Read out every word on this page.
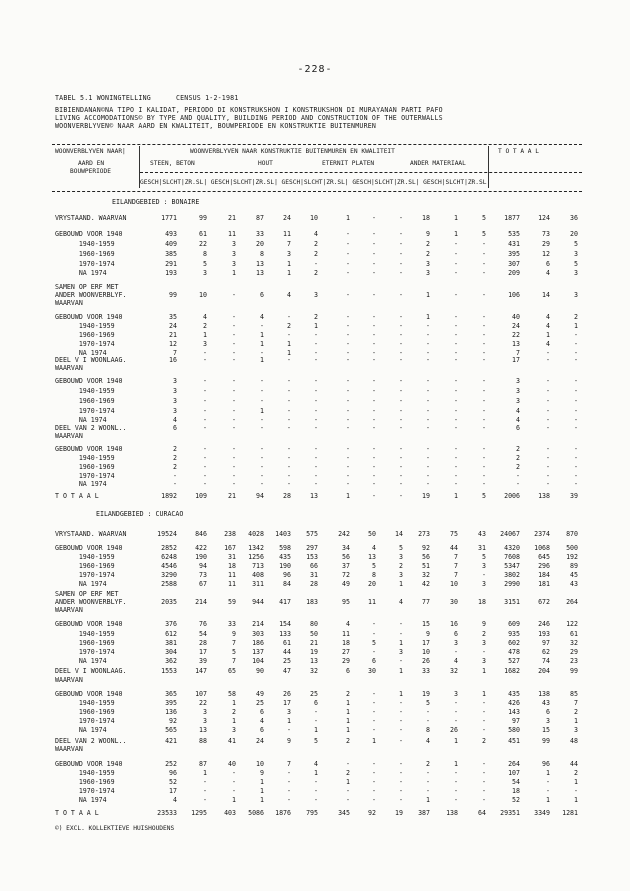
-228-
TABEL 5.1 WONINGTELLING	CENSUS 1-2-1981
BIBIENDANAN©NA TIPO I KALIDAT, PERIODO DI KONSTRUKSHON I KONSTRUKSHON DI MURAYANAN PARTI PAFO
LIVING ACCOMODATIONS© BY TYPE AND QUALITY, BUILDING PERIOD AND CONSTRUCTION OF THE OUTERWALLS
WOONVERBLYVEN© NAAR AARD EN KWALITEIT, BOUWPERIODE EN KONSTRUKTIE BUITENMUREN
WOONVERBLYVEN NAAR|	WOONVERBLYVEN NAAR KONSTRUKTIE BUITENMUREN EN KWALITEIT	T O T A A L
AARD EN
BOUWPERIODE
STEEN, BETON	HOUT	ETERNIT PLATEN	ANDER MATERIAAL
GESCH|SLCHT|ZR.SL| GESCH|SLCHT|ZR.SL| GESCH|SLCHT|ZR.SL| GESCH|SLCHT|ZR.SL| GESCH|SLCHT|ZR.SL|
EILANDGEBIED : BONAIRE
EILANDGEBIED : CURACAO
VRYSTAAND. WAARVAN	1771	99	21	87	24	10	1	-	-	18	1	5	1877	124	36
GEBOUWD VOOR 1940	493	61	11	33	11	4	-	-	-	9	1	5	535	73	20
1940-1959	409	22	3	20	7	2	-	-	-	2	-	-	431	29	5
1960-1969	385	8	3	8	3	2	-	-	-	2	-	-	395	12	3
1970-1974	291	5	3	13	1	-	-	-	-	3	-	-	307	6	5
NA 1974	193	3	1	13	1	2	-	-	-	3	-	-	209	4	3
SAMEN OP ERF MET
ANDER WOONVERBLYF.	99	10	-	6	4	3	-	-	-	1	-	-	106	14	3
WAARVAN
GEBOUWD VOOR 1940	35	4	-	4	-	2	-	-	-	1	-	-	40	4	2
1940-1959	24	2	-	-	2	1	-	-	-	-	-	-	24	4	1
1960-1969	21	1	-	1	-	-	-	-	-	-	-	-	22	1	-
1970-1974	12	3	-	1	1	-	-	-	-	-	-	-	13	4	-
NA 1974	7	-	-	-	1	-	-	-	-	-	-	-	7	-	-
DEEL V I WOONLAAG.	16	-	-	1	-	-	-	-	-	-	-	-	17	-	-
WAARVAN
GEBOUWD VOOR 1940	3	-	-	-	-	-	-	-	-	-	-	-	3	-	-
1940-1959	3	-	-	-	-	-	-	-	-	-	-	-	3	-	-
1960-1969	3	-	-	-	-	-	-	-	-	-	-	-	3	-	-
1970-1974	3	-	-	1	-	-	-	-	-	-	-	-	4	-	-
NA 1974	4	-	-	-	-	-	-	-	-	-	-	-	4	-	-
DEEL VAN 2 WOONL..	6	-	-	-	-	-	-	-	-	-	-	-	6	-	-
WAARVAN
GEBOUWD VOOR 1940	2	-	-	-	-	-	-	-	-	-	-	-	2	-	-
1940-1959	2	-	-	-	-	-	-	-	-	-	-	-	2	-	-
1960-1969	2	-	-	-	-	-	-	-	-	-	-	-	2	-	-
1970-1974	-	-	-	-	-	-	-	-	-	-	-	-	-	-	-
NA 1974	-	-	-	-	-	-	-	-	-	-	-	-	-	-	-
T O T A A L	1892	109	21	94	28	13	1	-	-	19	1	5	2006	138	39
VRYSTAAND. WAARVAN	19524	846	238	4028	1403	575	242	50	14	273	75	43	24067	2374	870
GEBOUWD VOOR 1940	2852	422	167	1342	598	297	34	4	5	92	44	31	4320	1068	500
1940-1959	6248	190	31	1256	435	153	56	13	3	56	7	5	7608	645	192
1960-1969	4546	94	18	713	190	66	37	5	2	51	7	3	5347	296	89
1970-1974	3290	73	11	408	96	31	72	8	3	32	7	-	3802	184	45
NA 1974	2588	67	11	311	84	28	49	20	1	42	10	3	2990	181	43
SAMEN OP ERF MET
ANDER WOONVERBLYF.	2035	214	59	944	417	183	95	11	4	77	30	18	3151	672	264
WAARVAN
GEBOUWD VOOR 1940	376	76	33	214	154	80	4	-	-	15	16	9	609	246	122
1940-1959	612	54	9	303	133	50	11	-	-	9	6	2	935	193	61
1960-1969	381	28	7	186	61	21	18	5	1	17	3	3	602	97	32
1970-1974	304	17	5	137	44	19	27	-	3	10	-	-	478	62	29
NA 1974	362	39	7	104	25	13	29	6	-	26	4	3	527	74	23
DEEL V I WOONLAAG.	1553	147	65	90	47	32	6	30	1	33	32	1	1682	204	99
WAARVAN
GEBOUWD VOOR 1940	365	107	58	49	26	25	2	-	1	19	3	1	435	138	85
1940-1959	395	22	1	25	17	6	1	-	-	5	-	-	426	43	7
1960-1969	136	3	2	6	3	-	1	-	-	-	-	-	143	6	2
1970-1974	92	3	1	4	1	-	1	-	-	-	-	-	97	3	1
NA 1974	565	13	3	6	-	1	1	-	-	8	26	-	580	15	3
DEEL VAN 2 WOONL..	421	88	41	24	9	5	2	1	-	4	1	2	451	99	48
WAARVAN
GEBOUWD VOOR 1940	252	87	40	10	7	4	-	-	-	2	1	-	264	96	44
1940-1959	96	1	-	9	-	1	2	-	-	-	-	-	107	1	2
1960-1969	52	-	-	1	-	-	1	-	-	-	-	-	54	-	1
1970-1974	17	-	-	1	-	-	-	-	-	-	-	-	18	-	-
NA 1974	4	-	1	1	-	-	-	-	-	1	-	-	52	1	1
T O T A A L	23533	1295	403	5086	1876	795	345	92	19	387	138	64	29351	3349	1281
©) EXCL. KOLLEKTIEVE HUISHOUDENS
